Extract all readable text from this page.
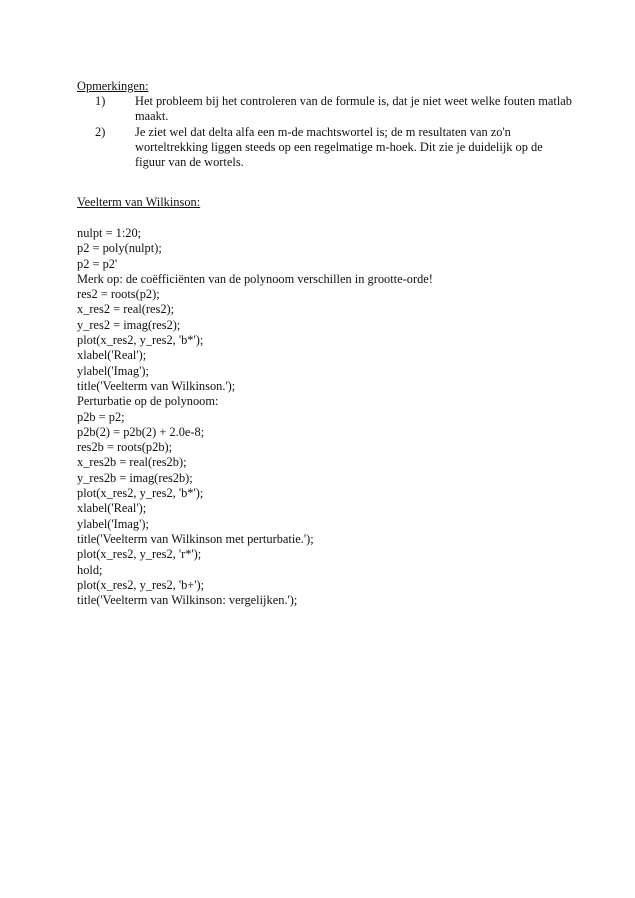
Opmerkingen:
1) Het probleem bij het controleren van de formule is, dat je niet weet welke fouten matlab maakt.
2) Je ziet wel dat delta alfa een m-de machtswortel is; de m resultaten van zo'n worteltrekking liggen steeds op een regelmatige m-hoek. Dit zie je duidelijk op de figuur van de wortels.
Veelterm van Wilkinson:
nulpt = 1:20;
p2 = poly(nulpt);
p2 = p2'
Merk op: de coëfficiënten van de polynoom verschillen in grootte-orde!
res2 = roots(p2);
x_res2 = real(res2);
y_res2 = imag(res2);
plot(x_res2, y_res2, 'b*');
xlabel('Real');
ylabel('Imag');
title('Veelterm van Wilkinson.');
Perturbatie op de polynoom:
p2b = p2;
p2b(2) = p2b(2) + 2.0e-8;
res2b = roots(p2b);
x_res2b = real(res2b);
y_res2b = imag(res2b);
plot(x_res2, y_res2, 'b*');
xlabel('Real');
ylabel('Imag');
title('Veelterm van Wilkinson met perturbatie.');
plot(x_res2, y_res2, 'r*');
hold;
plot(x_res2, y_res2, 'b+');
title('Veelterm van Wilkinson: vergelijken.');
